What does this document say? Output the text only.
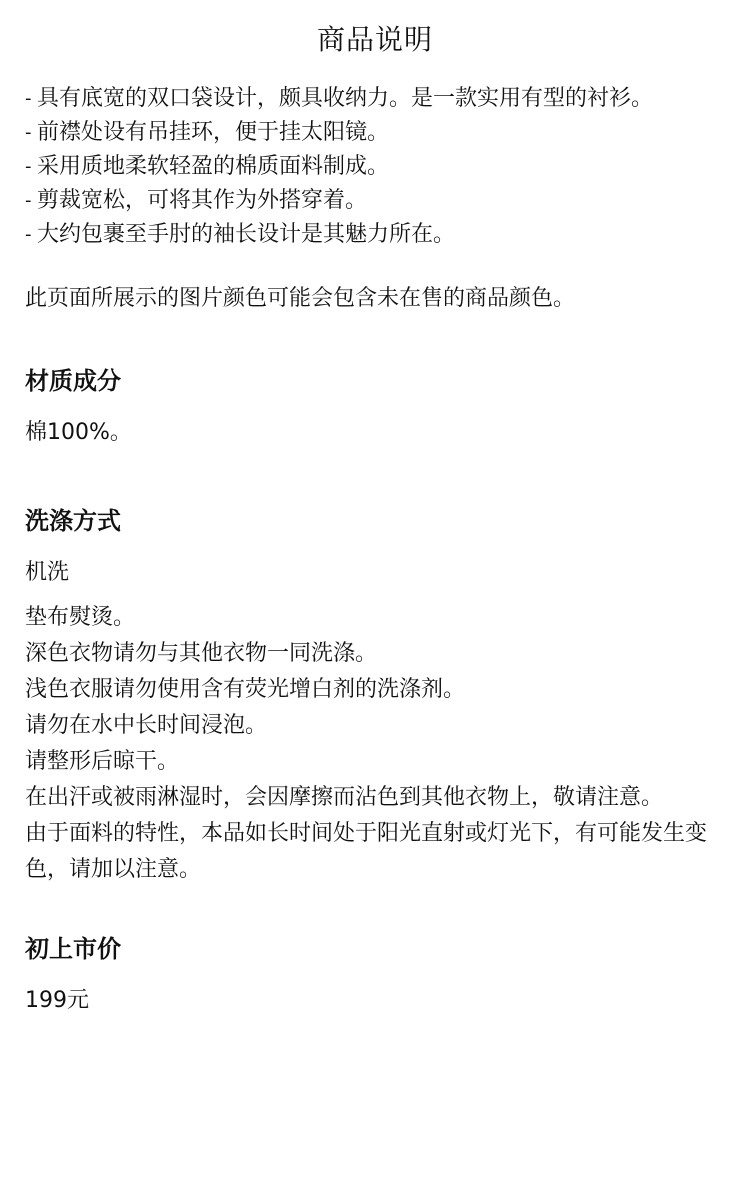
商品说明
- 具有底宽的双口袋设计，颇具收纳力。是一款实用有型的衬衫。
- 前襟处设有吊挂环，便于挂太阳镜。
- 采用质地柔软轻盈的棉质面料制成。
- 剪裁宽松，可将其作为外搭穿着。
- 大约包裹至手肘的袖长设计是其魅力所在。

此页面所展示的图片颜色可能会包含未在售的商品颜色。

材质成分

棉100%。

洗涤方式

机洗

垫布熨烫。
深色衣物请勿与其他衣物一同洗涤。
浅色衣服请勿使用含有荧光增白剂的洗涤剂。
请勿在水中长时间浸泡。
请整形后晾干。
在出汗或被雨淋湿时，会因摩擦而沾色到其他衣物上，敬请注意。
由于面料的特性，本品如长时间处于阳光直射或灯光下，有可能发生变色，请加以注意。
初上市价

199元
